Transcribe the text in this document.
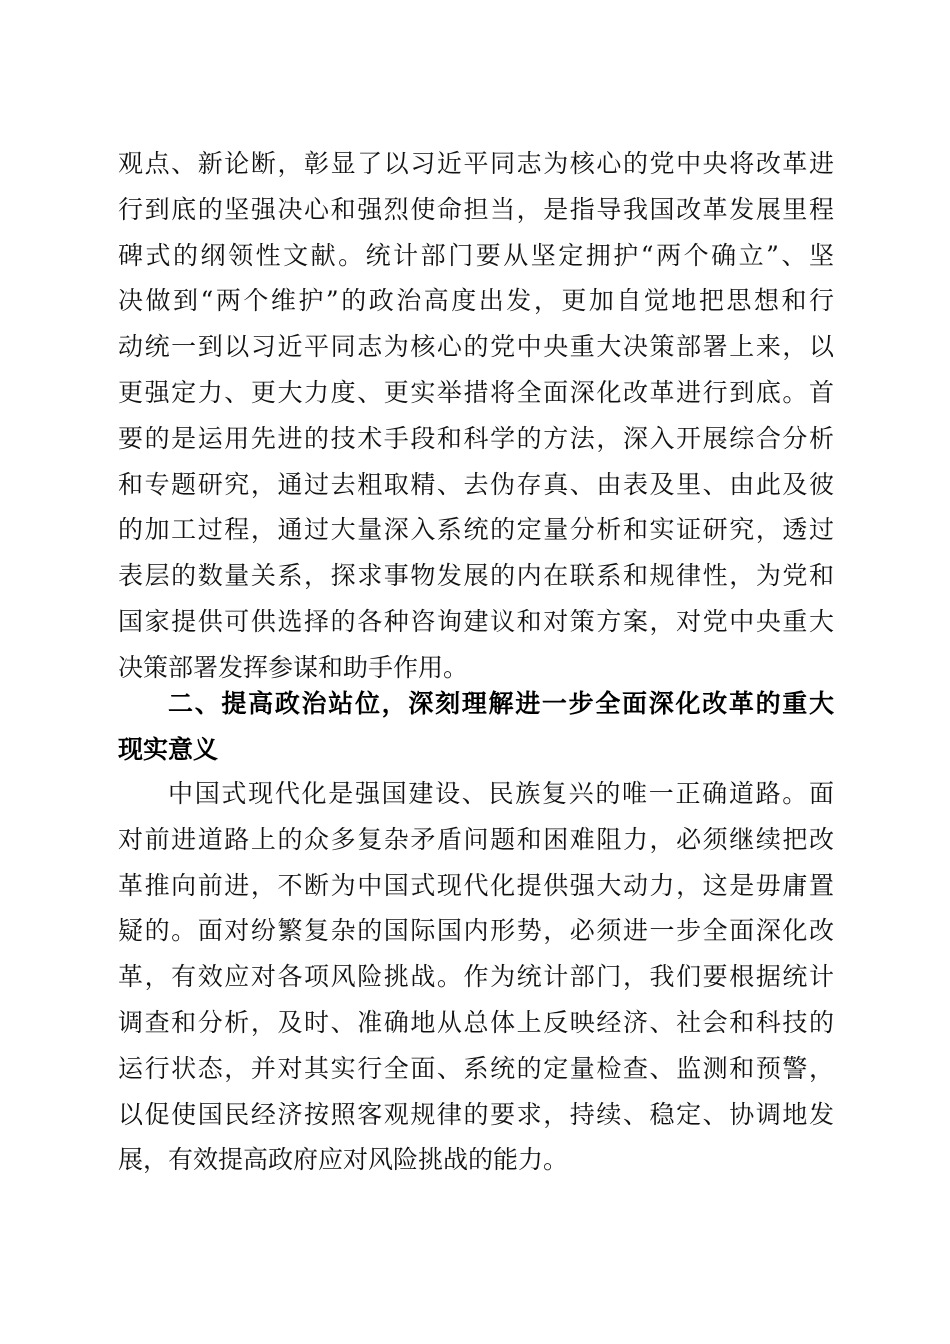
观点、新论断，彰显了以习近平同志为核心的党中央将改革进
行到底的坚强决心和强烈使命担当，是指导我国改革发展里程
碑式的纲领性文献。统计部门要从坚定拥护“两个确立”、坚
决做到“两个维护”的政治高度出发，更加自觉地把思想和行
动统一到以习近平同志为核心的党中央重大决策部署上来，以
更强定力、更大力度、更实举措将全面深化改革进行到底。首
要的是运用先进的技术手段和科学的方法，深入开展综合分析
和专题研究，通过去粗取精、去伪存真、由表及里、由此及彼
的加工过程，通过大量深入系统的定量分析和实证研究，透过
表层的数量关系，探求事物发展的内在联系和规律性，为党和
国家提供可供选择的各种咨询建议和对策方案，对党中央重大
决策部署发挥参谋和助手作用。
二、提高政治站位，深刻理解进一步全面深化改革的重大
现实意义
中国式现代化是强国建设、民族复兴的唯一正确道路。面
对前进道路上的众多复杂矛盾问题和困难阻力，必须继续把改
革推向前进，不断为中国式现代化提供强大动力，这是毋庸置
疑的。面对纷繁复杂的国际国内形势，必须进一步全面深化改
革，有效应对各项风险挑战。作为统计部门，我们要根据统计
调查和分析，及时、准确地从总体上反映经济、社会和科技的
运行状态，并对其实行全面、系统的定量检查、监测和预警，
以促使国民经济按照客观规律的要求，持续、稳定、协调地发
展，有效提高政府应对风险挑战的能力。
